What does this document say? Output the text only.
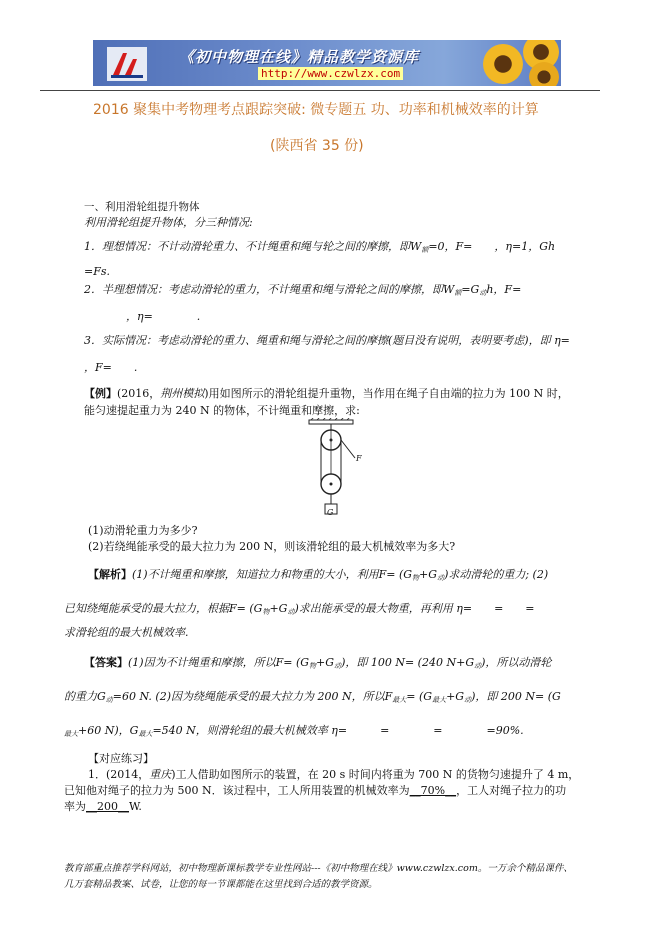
《初中物理在线》精品教学资源库
http://www.czwlzx.com
2016 聚集中考物理考点跟踪突破: 微专题五 功、功率和机械效率的计算
(陕西省 35 份)
一、利用滑轮组提升物体
利用滑轮组提升物体，分三种情况:
1．理想情况：不计动滑轮重力、不计绳重和绳与轮之间的摩擦，即$W_额=0$，F=　　，η=1，Gh
=Fs.
2．半理想情况：考虑动滑轮的重力，不计绳重和绳与滑轮之间的摩擦，即$W_额=G_动h$，F=
　　，η=　　　　.
3．实际情况：考虑动滑轮的重力、绳重和绳与滑轮之间的摩擦(题目没有说明，表明要考虑)，即 η=
，F=　　.
【例】(2016，荆州模拟)用如图所示的滑轮组提升重物，当作用在绳子自由端的拉力为 100 N 时，
能匀速提起重力为 240 N 的物体，不计绳重和摩擦，求:
F
G
(1)动滑轮重力为多少?
(2)若绕绳能承受的最大拉力为 200 N，则该滑轮组的最大机械效率为多大?
【解析】(1)不计绳重和摩擦，知道拉力和物重的大小，利用$F= (G_物+G_动)$求动滑轮的重力; (2)
已知绕绳能承受的最大拉力，根据$F= (G_物+G_动)$求出能承受的最大物重，再利用 η=　　=　　=
求滑轮组的最大机械效率.
【答案】(1)因为不计绳重和摩擦，所以$F= (G_物+G_动)$，即 100 N= (240 $N+G_动$)，所以动滑轮
的重力$G_动=60$ N. (2)因为绕绳能承受的最大拉力为 200 N，所以$F_{最大}= (G_{最大}+G_动)$，即 200 N= (G
$_{最大}$+60 N)，$G_{最大}=540$ N，则滑轮组的最大机械效率 η=　　　=　　　　=　　　　=90%.
【对应练习】
1．(2014，重庆)工人借助如图所示的装置，在 20 s 时间内将重为 700 N 的货物匀速提升了 4 m，
已知他对绳子的拉力为 500 N．该过程中，工人所用装置的机械效率为__70%__，工人对绳子拉力的功
率为__200__W.
教育部重点推荐学科网站，初中物理新课标教学专业性网站---《初中物理在线》www.czwlzx.com。一万余个精品课件、
几万套精品教案、试卷，让您的每一节课都能在这里找到合适的教学资源。
